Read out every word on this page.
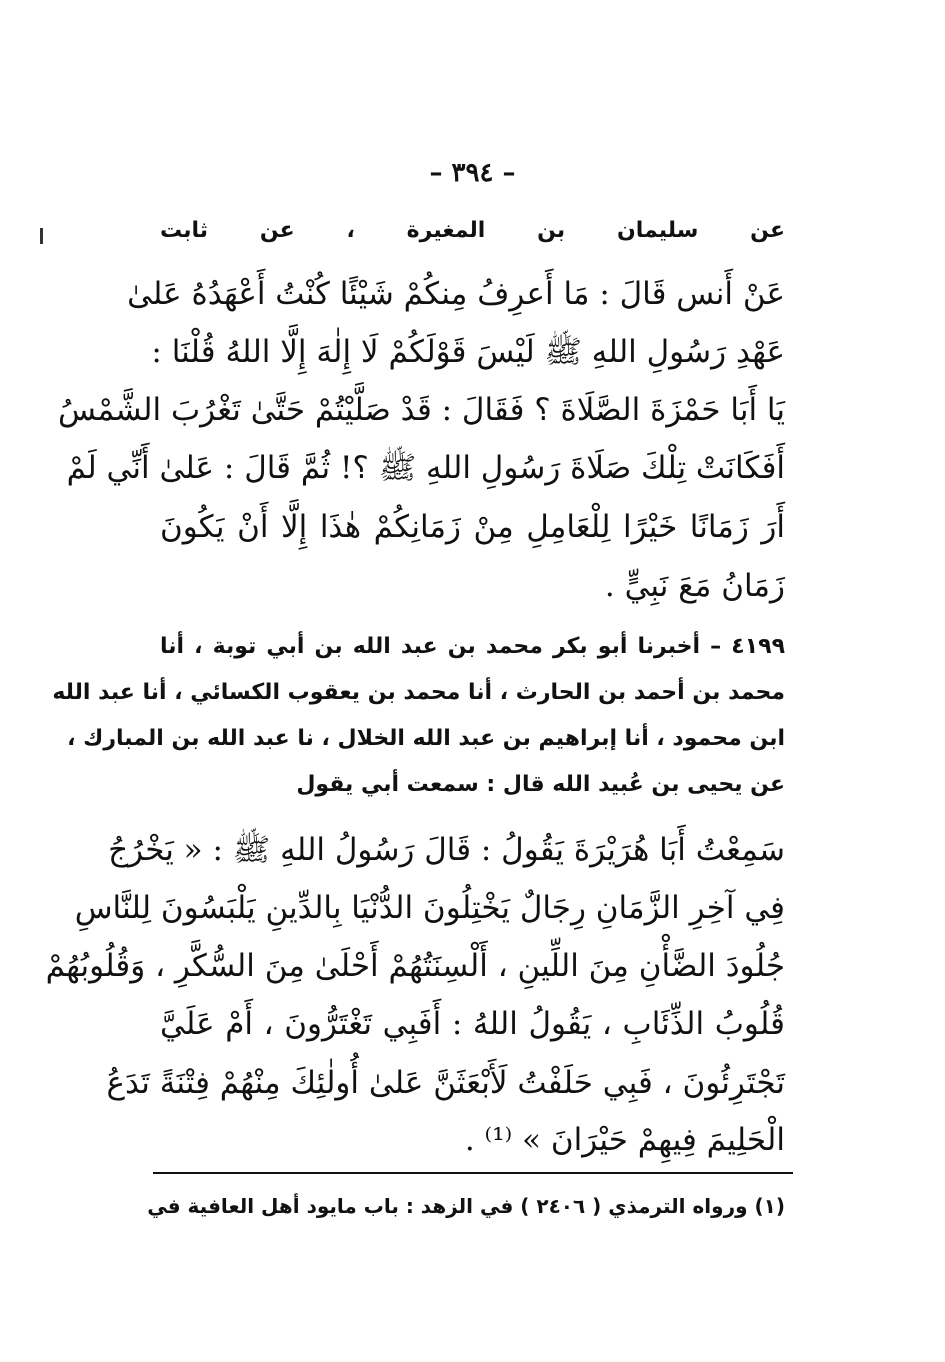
– ٣٩٤ –
عن سليمان بن المغيرة ، عن ثابت
عَنْ أَنس قَالَ : مَا أَعرِفُ مِنكُمْ شَيْئًا كُنْتُ أَعْهَدُهُ عَلىٰ
عَهْدِ رَسُولِ اللهِ ﷺ لَيْسَ قَوْلَكُمْ لَا إِلٰهَ إِلَّا اللهُ قُلْنَا :
يَا أَبَا حَمْزَةَ الصَّلَاةَ ؟ فَقَالَ : قَدْ صَلَّيْتُمْ حَتَّىٰ تَغْرُبَ الشَّمْسُ
أَفَكَانَتْ تِلْكَ صَلَاةَ رَسُولِ اللهِ ﷺ ؟! ثُمَّ قَالَ : عَلىٰ أَنِّي لَمْ
أَرَ زَمَانًا خَيْرًا لِلْعَامِلِ مِنْ زَمَانِكُمْ هٰذَا إِلَّا أَنْ يَكُونَ
زَمَانُ مَعَ نَبِيٍّ .
٤١٩٩ – أخبرنا أبو بكر محمد بن عبد الله بن أبي توبة ، أنا
محمد بن أحمد بن الحارث ، أنا محمد بن يعقوب الكسائي ، أنا عبد الله
ابن محمود ، أنا إبراهيم بن عبد الله الخلال ، نا عبد الله بن المبارك ،
عن يحيى بن عُبيد الله قال : سمعت أبي يقول
سَمِعْتُ أَبَا هُرَيْرَةَ يَقُولُ : قَالَ رَسُولُ اللهِ ﷺ : « يَخْرُجُ
فِي آخِرِ الزَّمَانِ رِجَالٌ يَخْتِلُونَ الدُّنْيَا بِالدِّينِ يَلْبَسُونَ لِلنَّاسِ
جُلُودَ الضَّأْنِ مِنَ اللِّينِ ، أَلْسِنَتُهُمْ أَحْلَىٰ مِنَ السُّكَّرِ ، وَقُلُوبُهُمْ
قُلُوبُ الذِّئَابِ ، يَقُولُ اللهُ : أَفَبِي تَغْتَرُّونَ ، أَمْ عَلَيَّ
تَجْتَرِئُونَ ، فَبِي حَلَفْتُ لَأَبْعَثَنَّ عَلىٰ أُولٰئِكَ مِنْهُمْ فِتْنَةً تَدَعُ
الْحَلِيمَ فِيهِمْ حَيْرَانَ » ⁽¹⁾ .
(١) ورواه الترمذي ( ٢٤٠٦ ) في الزهد : باب مايود أهل العافية في
